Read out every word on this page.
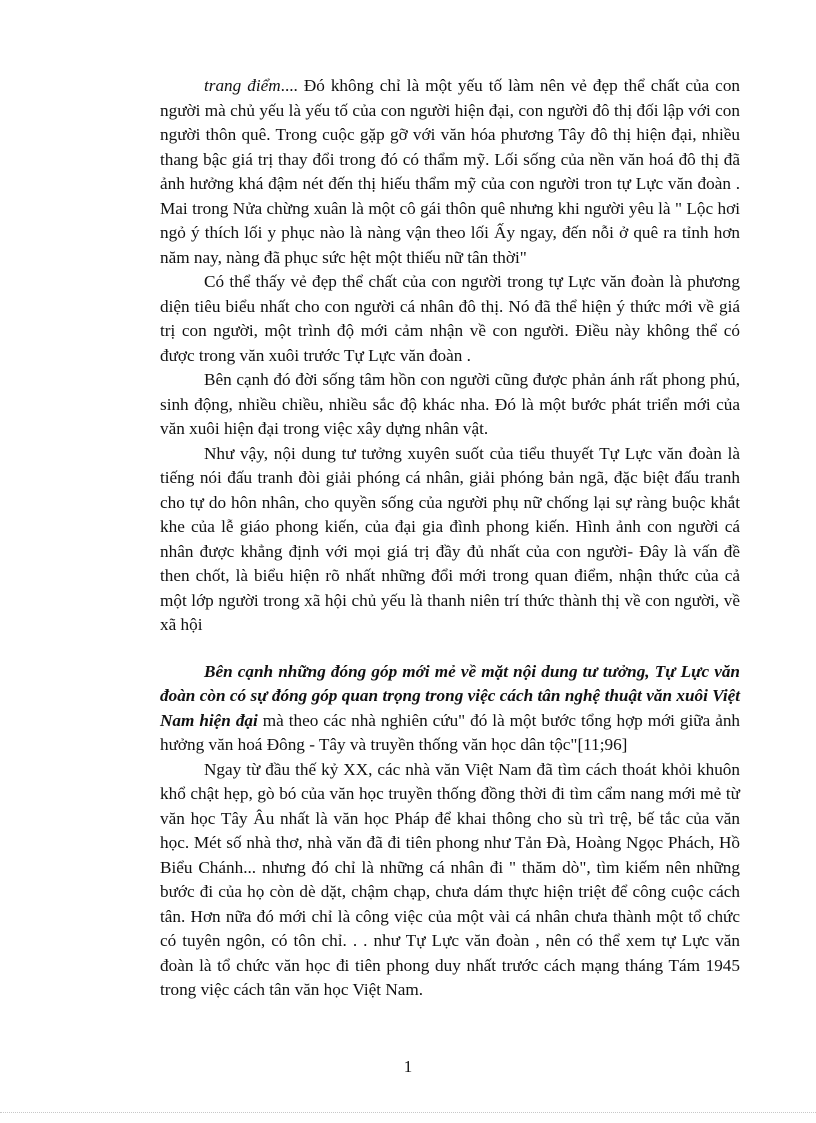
trang điểm.... Đó không chỉ là một yếu tố làm nên vẻ đẹp thể chất của con người mà chủ yếu là yếu tố của con người hiện đại, con người đô thị đối lập với con người thôn quê. Trong cuộc gặp gỡ với văn hóa phương Tây đô thị hiện đại, nhiều thang bậc giá trị thay đổi trong đó có thẩm mỹ. Lối sống của nền văn hoá đô thị đã ảnh hưởng khá đậm nét đến thị hiếu thẩm mỹ của con người tron tự Lực văn đoàn . Mai trong Nửa chừng xuân là một cô gái thôn quê nhưng khi người yêu là " Lộc hơi ngỏ ý thích lối y phục nào là nàng vận theo lối Ấy ngay, đến nỗi ở quê ra tỉnh hơn năm nay, nàng đã phục sức hệt một thiếu nữ tân thời"

Có thể thấy vẻ đẹp thể chất của con người trong tự Lực văn đoàn là phương diện tiêu biểu nhất cho con người cá nhân đô thị. Nó đã thể hiện ý thức mới về giá trị con người, một trình độ mới cảm nhận về con người. Điều này không thể có được trong văn xuôi trước Tự Lực văn đoàn .

Bên cạnh đó đời sống tâm hồn con người cũng được phản ánh rất phong phú, sinh động, nhiều chiều, nhiều sắc độ khác nha. Đó là một bước phát triển mới của văn xuôi hiện đại trong việc xây dựng nhân vật.

Như vậy, nội dung tư tưởng xuyên suốt của tiểu thuyết Tự Lực văn đoàn là tiếng nói đấu tranh đòi giải phóng cá nhân, giải phóng bản ngã, đặc biệt đấu tranh cho tự do hôn nhân, cho quyền sống của người phụ nữ chống lại sự ràng buộc khắt khe của lễ giáo phong kiến, của đại gia đình phong kiến. Hình ảnh con người cá nhân được khẳng định với mọi giá trị đầy đủ nhất của con người- Đây là vấn đề then chốt, là biểu hiện rõ nhất những đổi mới trong quan điểm, nhận thức của cả một lớp người trong xã hội chủ yếu là thanh niên trí thức thành thị về con người, về xã hội

Bên cạnh những đóng góp mới mẻ về mặt nội dung tư tưởng, Tự Lực văn đoàn còn có sự đóng góp quan trọng trong việc cách tân nghệ thuật văn xuôi Việt Nam hiện đại mà theo các nhà nghiên cứu" đó là một bước tổng hợp mới giữa ảnh hưởng văn hoá Đông - Tây và truyền thống văn học dân tộc"[11;96]

Ngay từ đầu thế kỷ XX, các nhà văn Việt Nam đã tìm cách thoát khỏi khuôn khổ chật hẹp, gò bó của văn học truyền thống đồng thời đi tìm cẩm nang mới mẻ từ văn học Tây Âu nhất là văn học Pháp để khai thông cho sù trì trệ, bế tắc của văn học. Mét số nhà thơ, nhà văn đã đi tiên phong như Tản Đà, Hoàng Ngọc Phách, Hồ Biểu Chánh... nhưng đó chỉ là những cá nhân đi " thăm dò", tìm kiếm nên những bước đi của họ còn dè dặt, chậm chạp, chưa dám thực hiện triệt để công cuộc cách tân. Hơn nữa đó mới chỉ là công việc của một vài cá nhân chưa thành một tổ chức có tuyên ngôn, có tôn chỉ. . . như Tự Lực văn đoàn , nên có thể xem tự Lực văn đoàn là tổ chức văn học đi tiên phong duy nhất trước cách mạng tháng Tám 1945 trong việc cách tân văn học Việt Nam.

1
